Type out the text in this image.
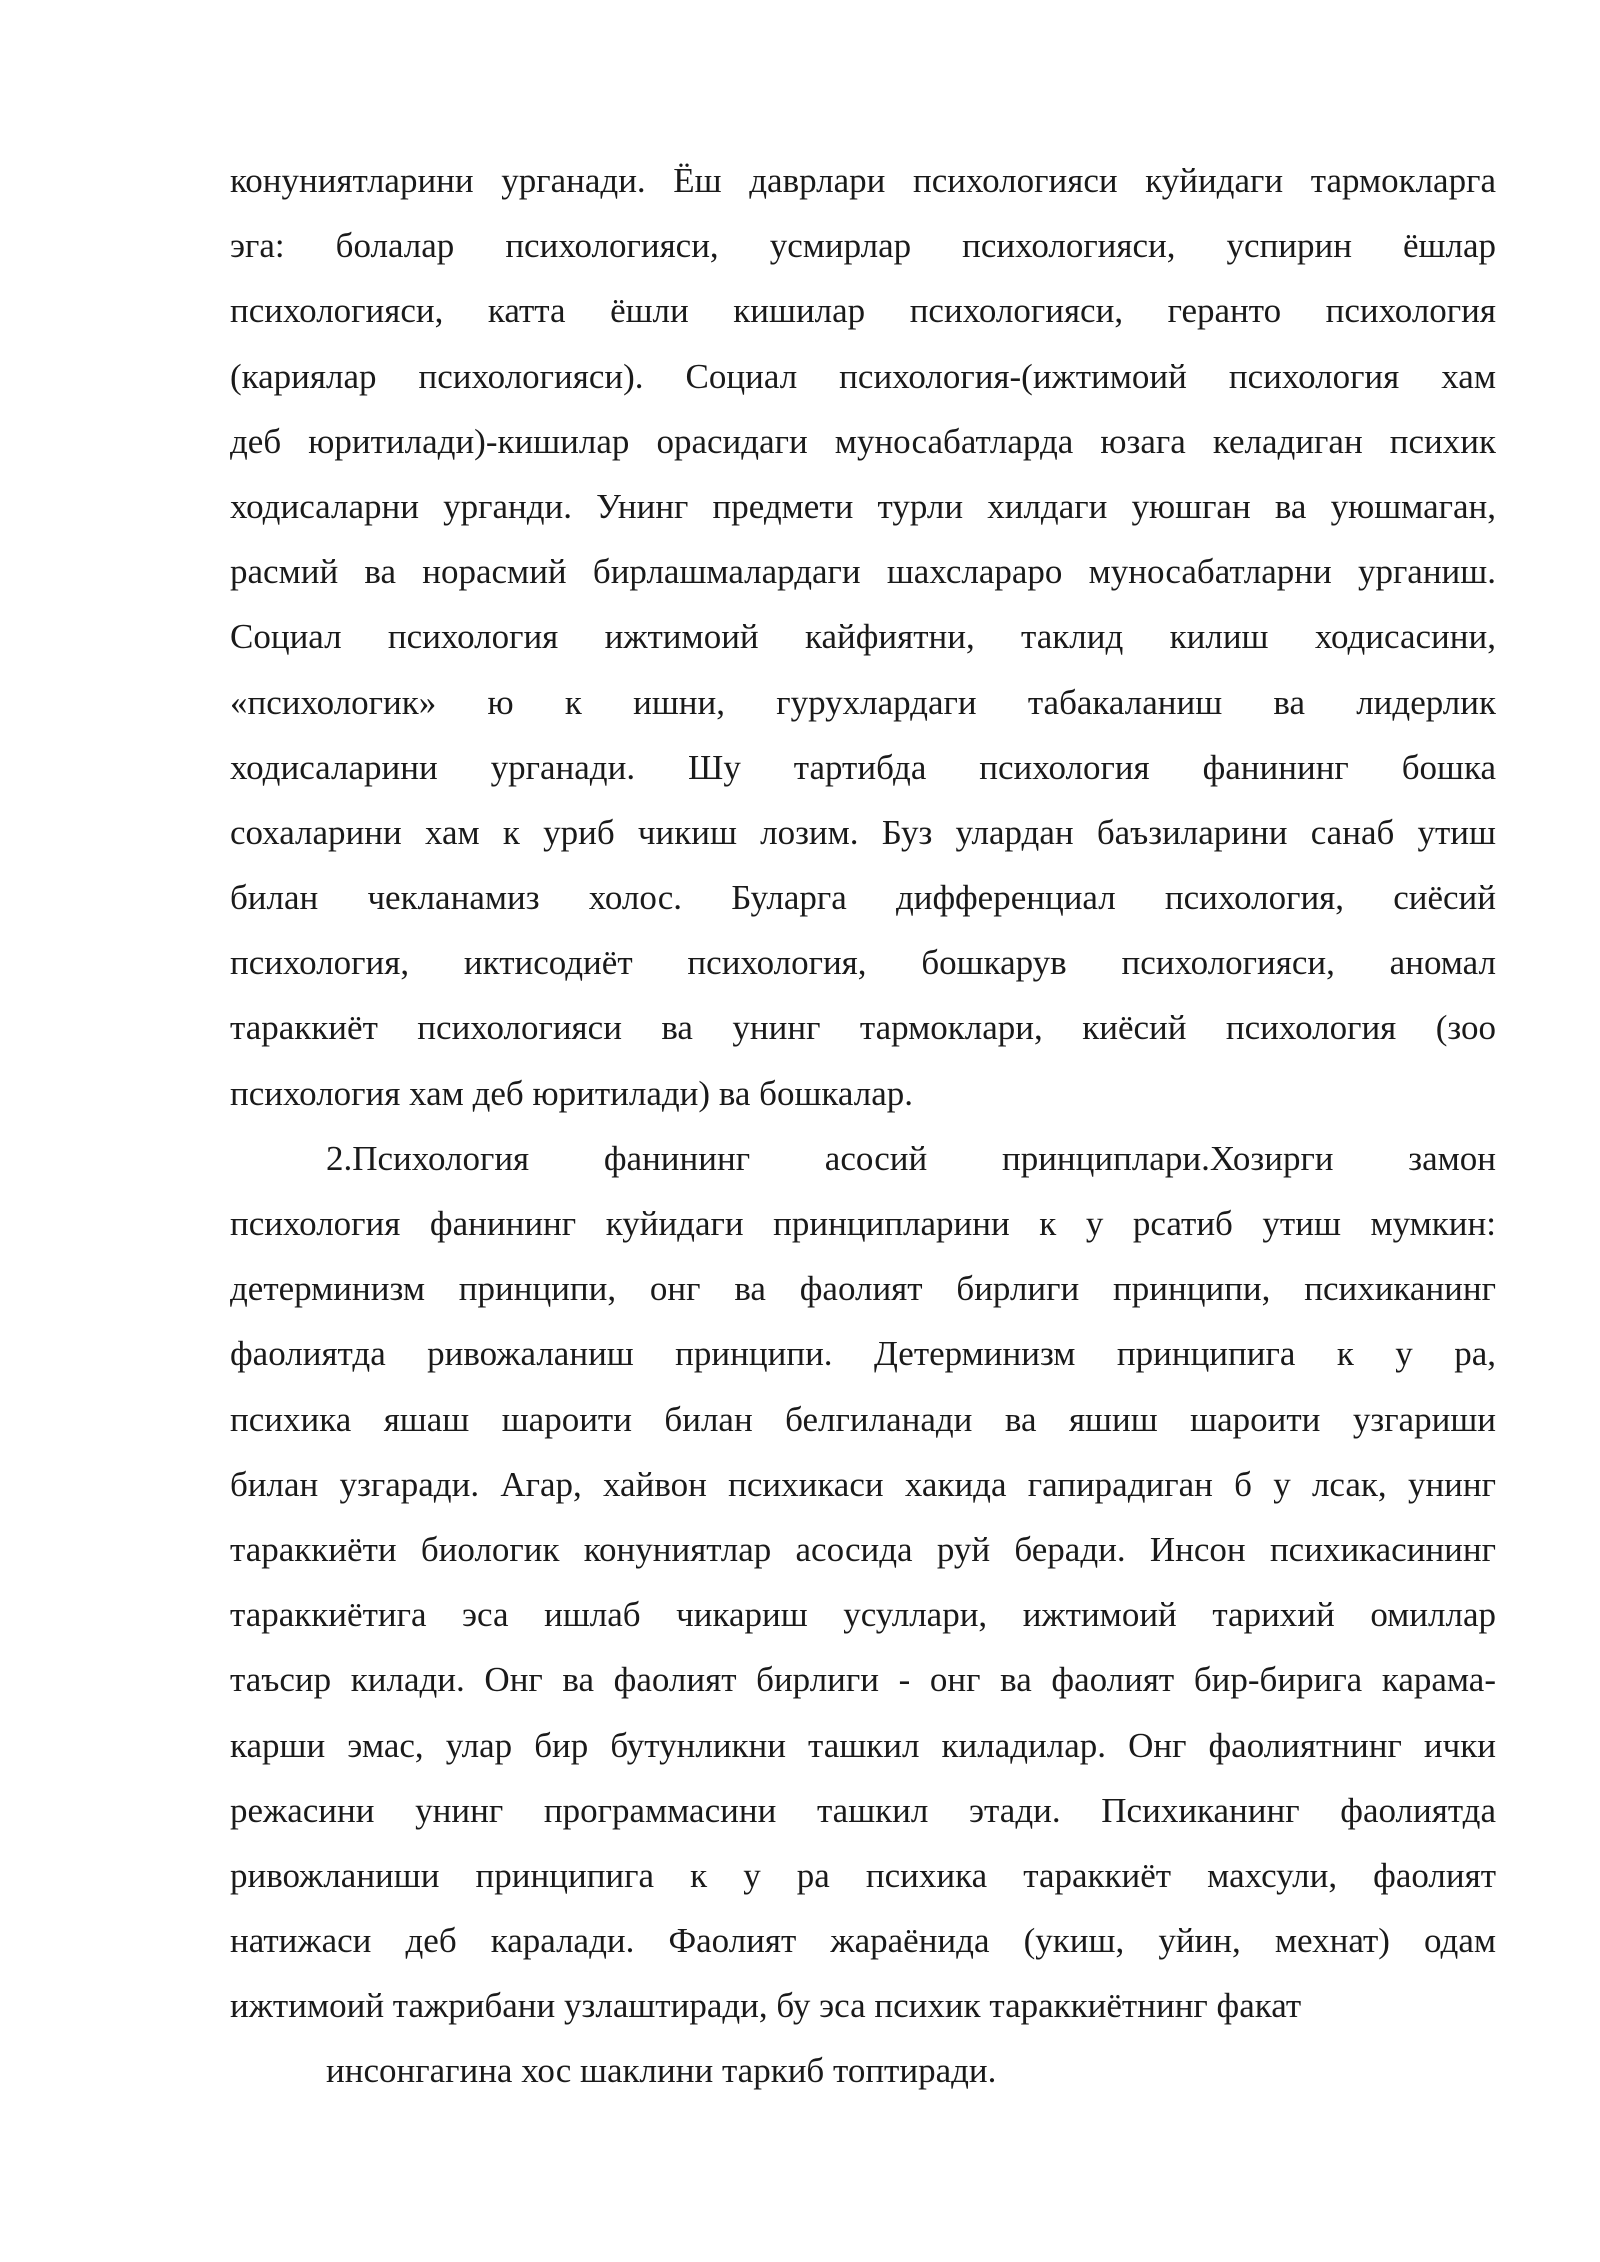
конуниятларини урганади. Ёш даврлари психологияси куйидаги тармокларга
эга: болалар психологияси, усмирлар психологияси, успирин ёшлар
психологияси, катта ёшли кишилар психологияси, геранто психология
(кариялар психологияси). Социал психология-(ижтимоий психология хам
деб юритилади)-кишилар орасидаги муносабатларда юзага келадиган психик
ходисаларни урганди. Унинг предмети турли хилдаги уюшган ва уюшмаган,
расмий ва норасмий бирлашмалардаги шахслараро муносабатларни урганиш.
Социал психология ижтимоий кайфиятни, таклид килиш ходисасини,
«психологик» ю к ишни, гурухлардаги табакаланиш ва лидерлик
ходисаларини урганади. Шу тартибда психология фанининг бошка
сохаларини хам к уриб чикиш лозим. Буз улардан баъзиларини санаб утиш
билан чекланамиз холос. Буларга дифференциал психология, сиёсий
психология, иктисодиёт психология, бошкарув психологияси, аномал
тараккиёт психологияси ва унинг тармоклари, киёсий психология (зоо
психология хам деб юритилади) ва бошкалар.
2.Психология фанининг асосий принциплари.Хозирги замон
психология фанининг куйидаги принципларини к у рсатиб утиш мумкин:
детерминизм принципи, онг ва фаолият бирлиги принципи, психиканинг
фаолиятда ривожаланиш принципи. Детерминизм принципига к у ра,
психика яшаш шароити билан белгиланади ва яшиш шароити узгариши
билан узгаради. Агар, хайвон психикаси хакида гапирадиган б у лсак, унинг
тараккиёти биологик конуниятлар асосида руй беради. Инсон психикасининг
тараккиётига эса ишлаб чикариш усуллари, ижтимоий тарихий омиллар
таъсир килади. Онг ва фаолият бирлиги - онг ва фаолият бир-бирига карама-
карши эмас, улар бир бутунликни ташкил киладилар. Онг фаолиятнинг ички
режасини унинг программасини ташкил этади. Психиканинг фаолиятда
ривожланиши принципига к у ра психика тараккиёт махсули, фаолият
натижаси деб каралади. Фаолият жараёнида (укиш, уйин, мехнат) одам
ижтимоий тажрибани узлаштиради, бу эса психик тараккиётнинг факат
инсонгагина хос шаклини таркиб топтиради.
